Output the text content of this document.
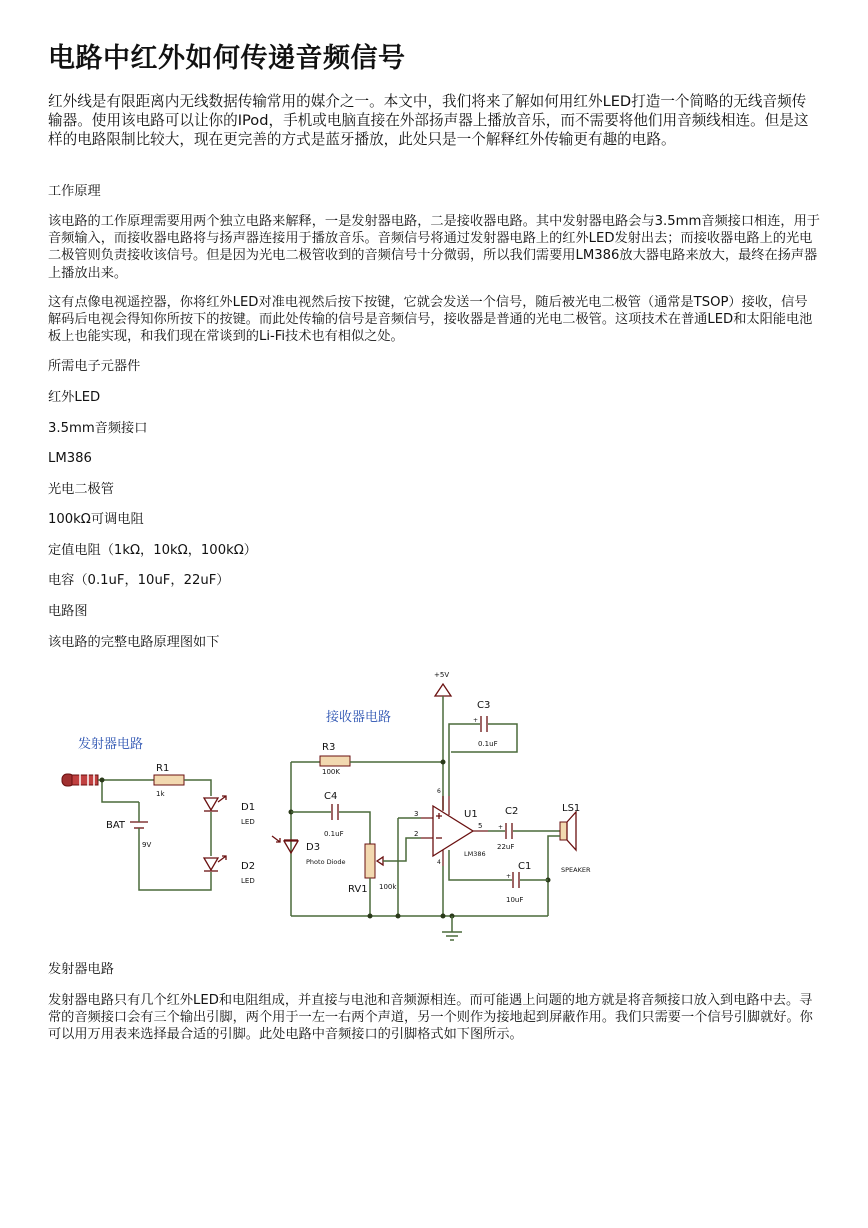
电路中红外如何传递音频信号

红外线是有限距离内无线数据传输常用的媒介之一。本文中，我们将来了解如何用红外LED打造一个简略的无线音频传输器。使用该电路可以让你的IPod，手机或电脑直接在外部扬声器上播放音乐，而不需要将他们用音频线相连。但是这样的电路限制比较大，现在更完善的方式是蓝牙播放，此处只是一个解释红外传输更有趣的电路。

工作原理

该电路的工作原理需要用两个独立电路来解释，一是发射器电路，二是接收器电路。其中发射器电路会与3.5mm音频接口相连，用于音频输入，而接收器电路将与扬声器连接用于播放音乐。音频信号将通过发射器电路上的红外LED发射出去；而接收器电路上的光电二极管则负责接收该信号。但是因为光电二极管收到的音频信号十分微弱，所以我们需要用LM386放大器电路来放大，最终在扬声器上播放出来。

这有点像电视遥控器，你将红外LED对准电视然后按下按键，它就会发送一个信号，随后被光电二极管（通常是TSOP）接收，信号解码后电视会得知你所按下的按键。而此处传输的信号是音频信号，接收器是普通的光电二极管。这项技术在普通LED和太阳能电池板上也能实现，和我们现在常谈到的Li-Fi技术也有相似之处。

所需电子元器件

红外LED

3.5mm音频接口

LM386

光电二极管

100kΩ可调电阻

定值电阻（1kΩ，10kΩ，100kΩ）

电容（0.1uF，10uF，22uF）

电路图

该电路的完整电路原理图如下

发射器电路

发射器电路只有几个红外LED和电阻组成，并直接与电池和音频源相连。而可能遇上问题的地方就是将音频接口放入到电路中去。寻常的音频接口会有三个输出引脚，两个用于一左一右两个声道，另一个则作为接地起到屏蔽作用。我们只需要一个信号引脚就好。你可以用万用表来选择最合适的引脚。此处电路中音频接口的引脚格式如下图所示。

发射器电路
接收器电路
R1
1k
D1
LED
D2
LED
BAT
9V
+5V
R3
100K
C4
0.1uF
D3
Photo Diode
RV1 100k
3
2
5
6
4
U1
LM386
C3
+
0.1uF
C2
+
22uF
LS1
SPEAKER
C1
+
10uF
